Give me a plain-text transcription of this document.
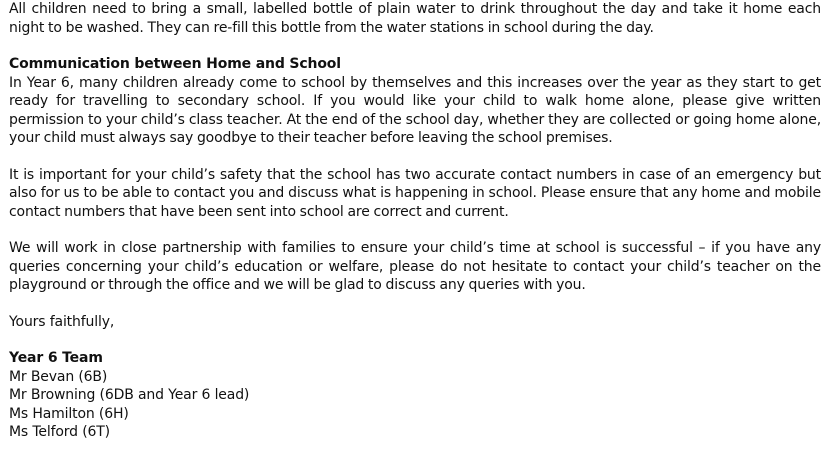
All children need to bring a small, labelled bottle of plain water to drink throughout the day and take it home each night to be washed. They can re-fill this bottle from the water stations in school during the day.

Communication between Home and School

In Year 6, many children already come to school by themselves and this increases over the year as they start to get ready for travelling to secondary school. If you would like your child to walk home alone, please give written permission to your child’s class teacher. At the end of the school day, whether they are collected or going home alone, your child must always say goodbye to their teacher before leaving the school premises.

It is important for your child’s safety that the school has two accurate contact numbers in case of an emergency but also for us to be able to contact you and discuss what is happening in school. Please ensure that any home and mobile contact numbers that have been sent into school are correct and current.

We will work in close partnership with families to ensure your child’s time at school is successful – if you have any queries concerning your child’s education or welfare, please do not hesitate to contact your child’s teacher on the playground or through the office and we will be glad to discuss any queries with you.

Yours faithfully,

Year 6 Team

Mr Bevan (6B)

Mr Browning (6DB and Year 6 lead)

Ms Hamilton (6H)

Ms Telford (6T)
